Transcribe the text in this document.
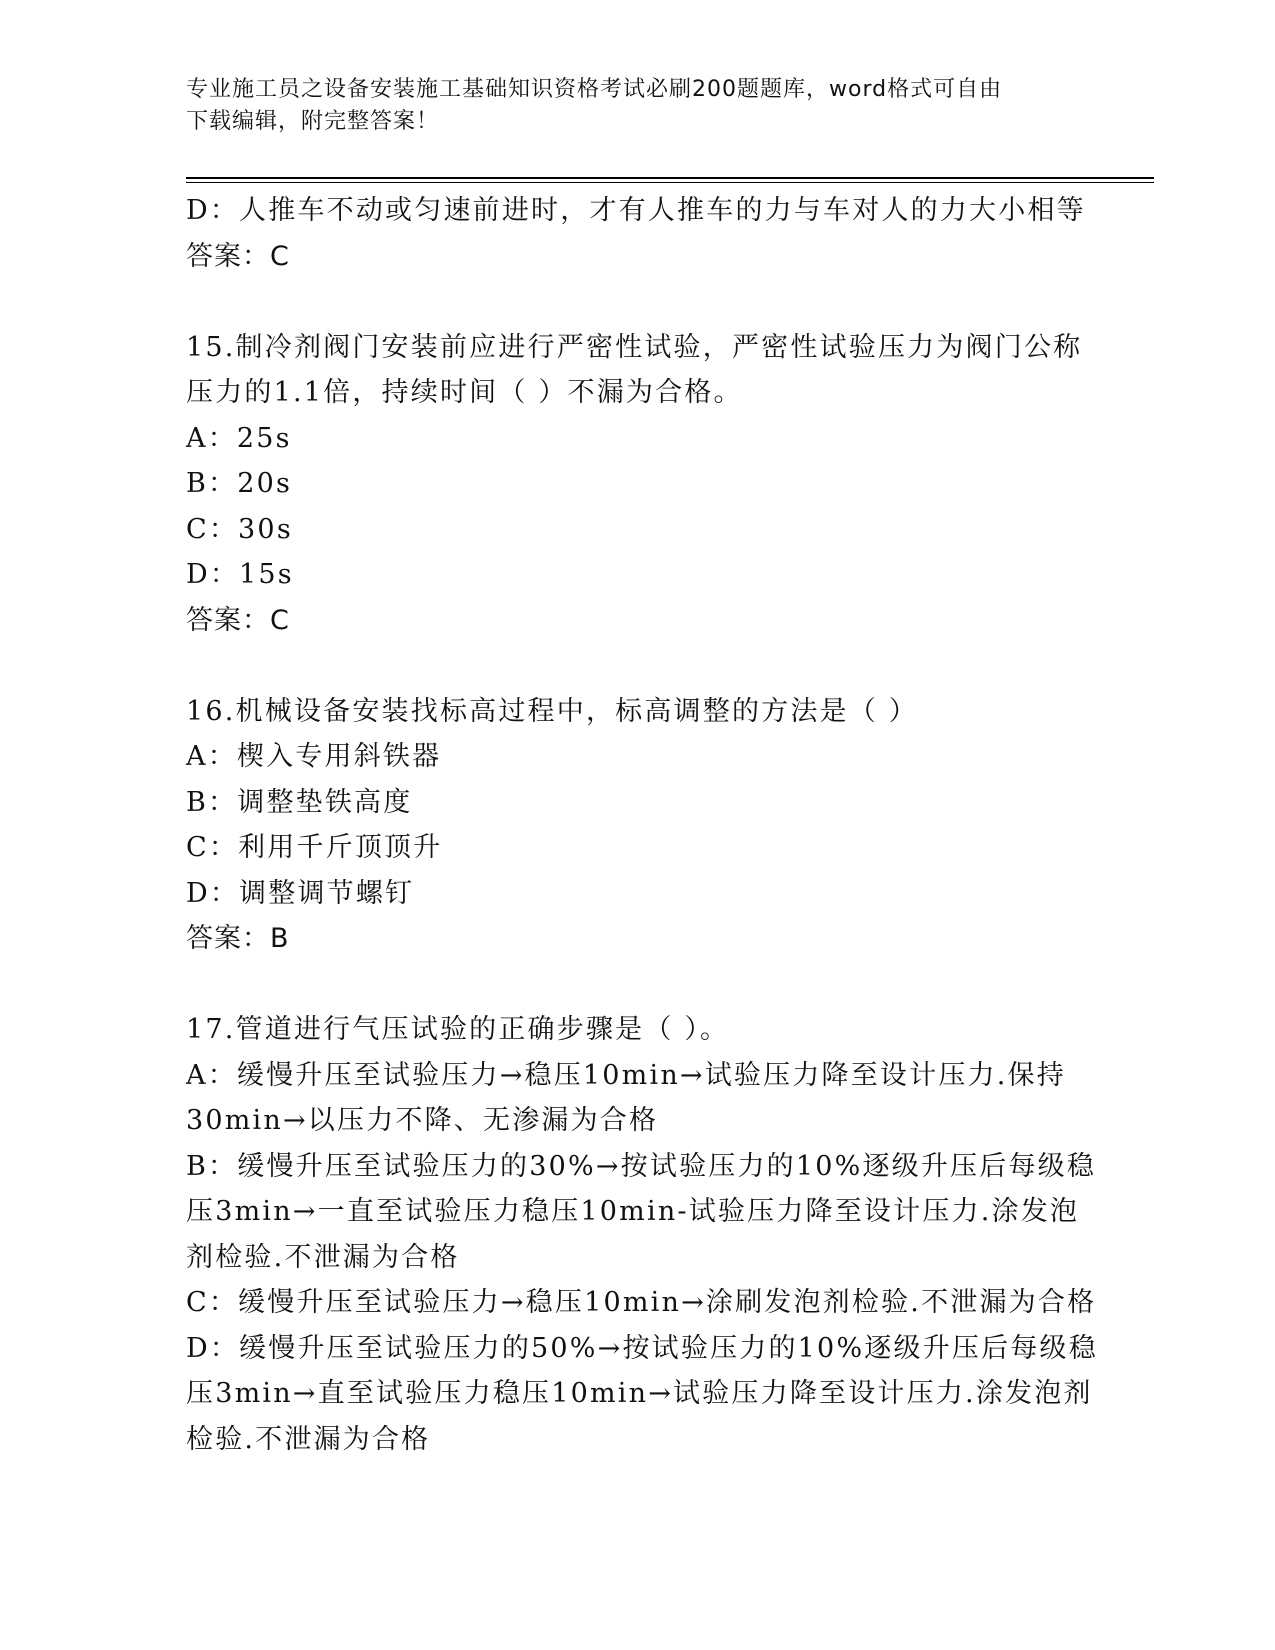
专业施工员之设备安装施工基础知识资格考试必刷200题题库，word格式可自由
下载编辑，附完整答案！
D：人推车不动或匀速前进时，才有人推车的力与车对人的力大小相等
答案：C
15.制冷剂阀门安装前应进行严密性试验，严密性试验压力为阀门公称
压力的1.1倍，持续时间（ ）不漏为合格。
A：25s
B：20s
C：30s
D：15s
答案：C
16.机械设备安装找标高过程中，标高调整的方法是（ ）
A：楔入专用斜铁器
B：调整垫铁高度
C：利用千斤顶顶升
D：调整调节螺钉
答案：B
17.管道进行气压试验的正确步骤是（ ）。
A：缓慢升压至试验压力→稳压10min→试验压力降至设计压力.保持
30min→以压力不降、无渗漏为合格
B：缓慢升压至试验压力的30%→按试验压力的10%逐级升压后每级稳
压3min→一直至试验压力稳压10min-试验压力降至设计压力.涂发泡
剂检验.不泄漏为合格
C：缓慢升压至试验压力→稳压10min→涂刷发泡剂检验.不泄漏为合格
D：缓慢升压至试验压力的50%→按试验压力的10%逐级升压后每级稳
压3min→直至试验压力稳压10min→试验压力降至设计压力.涂发泡剂
检验.不泄漏为合格
